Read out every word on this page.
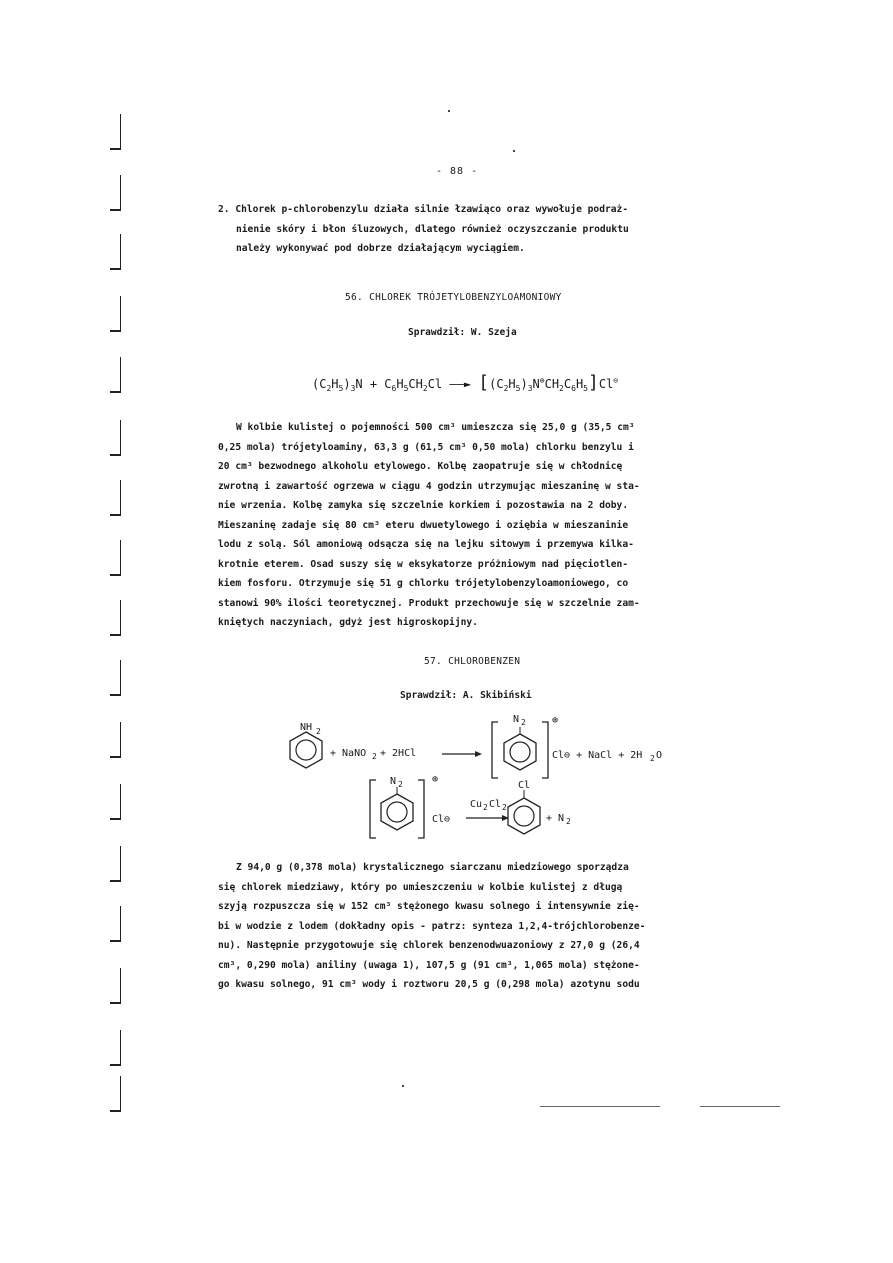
- 88 -
2. Chlorek p-chlorobenzylu działa silnie łzawiąco oraz wywołuje podraż-
nienie skóry i błon śluzowych, dlatego również oczyszczanie produktu
należy wykonywać pod dobrze działającym wyciągiem.
56. CHLOREK TRÓJETYLOBENZYLOAMONIOWY
Sprawdził: W. Szeja
$(C_2H_5)_3N + C_6H_5CH_2Cl$ ——► $[(C_2H_5)_3N^\oplus CH_2C_6H_5]Cl^⊖$
W kolbie kulistej o pojemności 500 cm³ umieszcza się 25,0 g (35,5 cm³
0,25 mola) trójetyloaminy, 63,3 g (61,5 cm³ 0,50 mola) chlorku benzylu i
20 cm³ bezwodnego alkoholu etylowego. Kolbę zaopatruje się w chłodnicę
zwrotną i zawartość ogrzewa w ciągu 4 godzin utrzymując mieszaninę w sta-
nie wrzenia. Kolbę zamyka się szczelnie korkiem i pozostawia na 2 doby.
Mieszaninę zadaje się 80 cm³ eteru dwuetylowego i oziębia w mieszaninie
lodu z solą. Sól amoniową odsącza się na lejku sitowym i przemywa kilka-
krotnie eterem. Osad suszy się w eksykatorze próżniowym nad pięciotlen-
kiem fosforu. Otrzymuje się 51 g chlorku trójetylobenzyloamoniowego, co
stanowi 90% ilości teoretycznej. Produkt przechowuje się w szczelnie zam-
kniętych naczyniach, gdyż jest higroskopijny.
57. CHLOROBENZEN
Sprawdził: A. Skibiński
NH 2
+ NaNO 2 + 2HCl
N 2	⊕
Cl⊖ + NaCl + 2H 2 O
N 2	⊕
Cl⊖
Cu 2 Cl 2
Cl
+ N 2
Z 94,0 g (0,378 mola) krystalicznego siarczanu miedziowego sporządza
się chlorek miedziawy, który po umieszczeniu w kolbie kulistej z długą
szyją rozpuszcza się w 152 cm³ stężonego kwasu solnego i intensywnie zię-
bi w wodzie z lodem (dokładny opis - patrz: synteza 1,2,4-trójchlorobenze-
nu). Następnie przygotowuje się chlorek benzenodwuazoniowy z 27,0 g (26,4
cm³, 0,290 mola) aniliny (uwaga 1), 107,5 g (91 cm³, 1,065 mola) stężone-
go kwasu solnego, 91 cm³ wody i roztworu 20,5 g (0,298 mola) azotynu sodu
